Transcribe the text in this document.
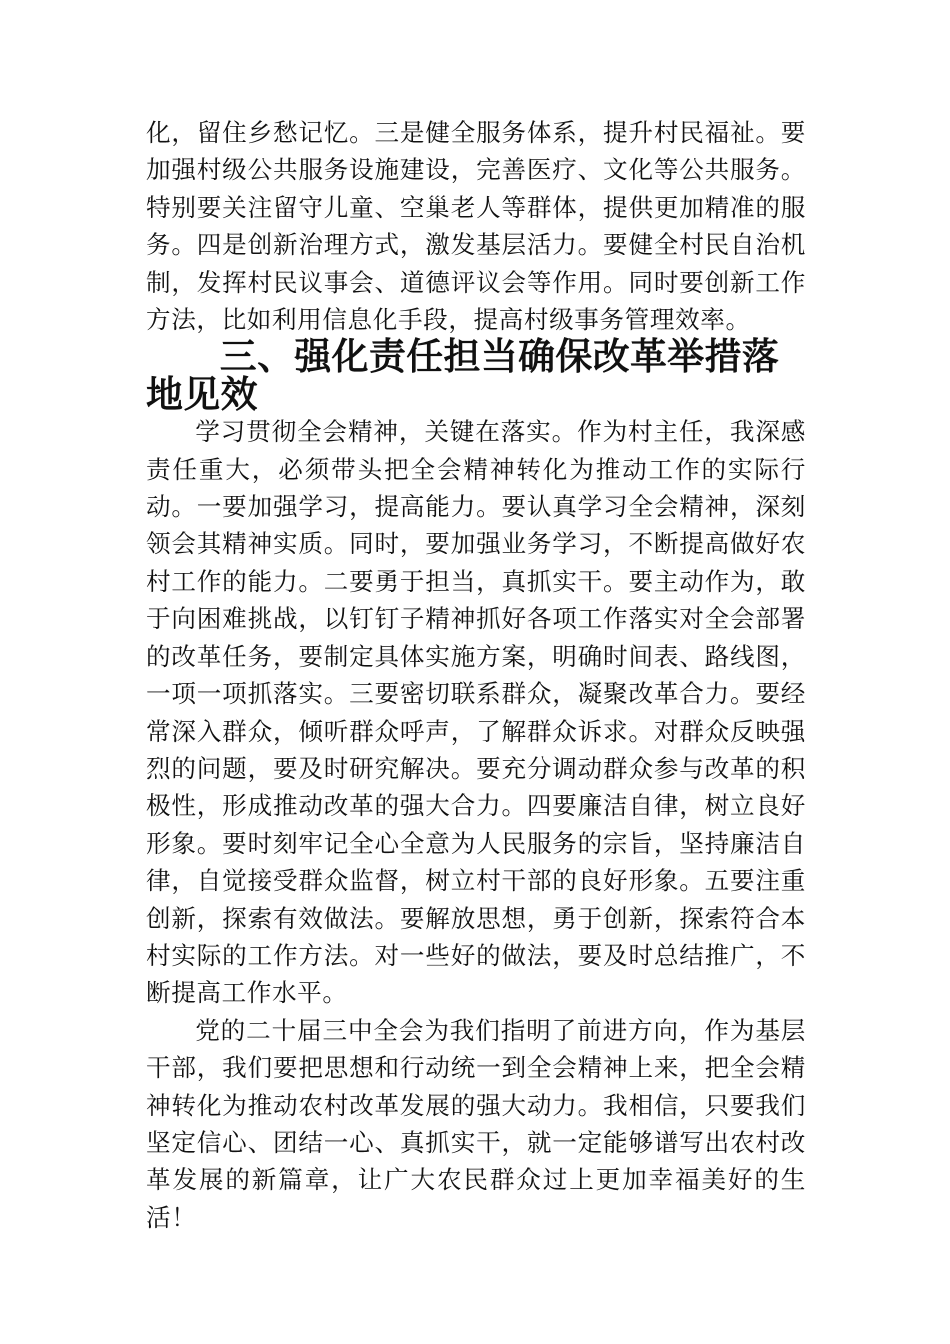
化，留住乡愁记忆。三是健全服务体系，提升村民福祉。要加强村级公共服务设施建设，完善医疗、文化等公共服务。特别要关注留守儿童、空巢老人等群体，提供更加精准的服务。四是创新治理方式，激发基层活力。要健全村民自治机制，发挥村民议事会、道德评议会等作用。同时要创新工作方法，比如利用信息化手段，提高村级事务管理效率。

三、强化责任担当确保改革举措落地见效

学习贯彻全会精神，关键在落实。作为村主任，我深感责任重大，必须带头把全会精神转化为推动工作的实际行动。一要加强学习，提高能力。要认真学习全会精神，深刻领会其精神实质。同时，要加强业务学习，不断提高做好农村工作的能力。二要勇于担当，真抓实干。要主动作为，敢于向困难挑战，以钉钉子精神抓好各项工作落实对全会部署的改革任务，要制定具体实施方案，明确时间表、路线图，一项一项抓落实。三要密切联系群众，凝聚改革合力。要经常深入群众，倾听群众呼声，了解群众诉求。对群众反映强烈的问题，要及时研究解决。要充分调动群众参与改革的积极性，形成推动改革的强大合力。四要廉洁自律，树立良好形象。要时刻牢记全心全意为人民服务的宗旨，坚持廉洁自律，自觉接受群众监督，树立村干部的良好形象。五要注重创新，探索有效做法。要解放思想，勇于创新，探索符合本村实际的工作方法。对一些好的做法，要及时总结推广，不断提高工作水平。

党的二十届三中全会为我们指明了前进方向，作为基层干部，我们要把思想和行动统一到全会精神上来，把全会精神转化为推动农村改革发展的强大动力。我相信，只要我们坚定信心、团结一心、真抓实干，就一定能够谱写出农村改革发展的新篇章，让广大农民群众过上更加幸福美好的生活！
